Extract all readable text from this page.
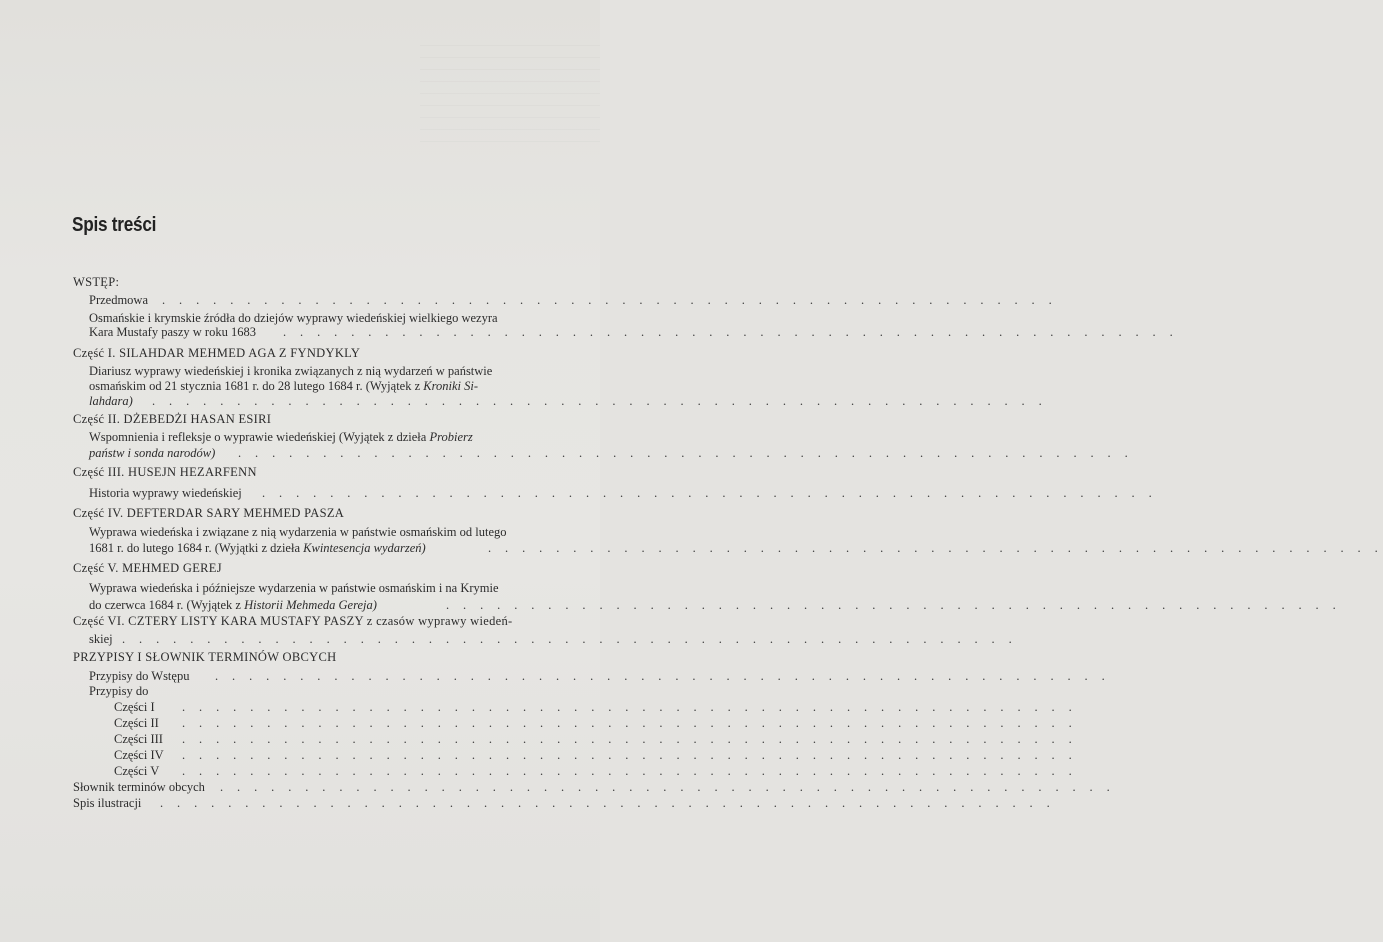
Spis treści
WSTĘP:
Przedmowa . . . . . . . . . . . . . . . . . . . . . . . . . . . . . . . . . . . . . . . . . . . . . . . . . . . . .
Osmańskie i krymskie źródła do dziejów wyprawy wiedeńskiej wielkiego wezyra
Kara Mustafy paszy w roku 1683 . . . . . . . . . . . . . . . . . . . . . . . . . . . . . . . . . . . . . . . . . . . . . . . . . . . . .
Część I. SILAHDAR MEHMED AGA Z FYNDYKLY
Diariusz wyprawy wiedeńskiej i kronika związanych z nią wydarzeń w państwie
osmańskim od 21 stycznia 1681 r. do 28 lutego 1684 r. (Wyjątek z Kroniki Si-
lahdara) . . . . . . . . . . . . . . . . . . . . . . . . . . . . . . . . . . . . . . . . . . . . . . . . . . . . .
Część II. DŻEBEDŻI HASAN ESIRI
Wspomnienia i refleksje o wyprawie wiedeńskiej (Wyjątek z dzieła Probierz
państw i sonda narodów) . . . . . . . . . . . . . . . . . . . . . . . . . . . . . . . . . . . . . . . . . . . . . . . . . . . . .
Część III. HUSEJN HEZARFENN
Historia wyprawy wiedeńskiej . . . . . . . . . . . . . . . . . . . . . . . . . . . . . . . . . . . . . . . . . . . . . . . . . . . . .
Część IV. DEFTERDAR SARY MEHMED PASZA
Wyprawa wiedeńska i związane z nią wydarzenia w państwie osmańskim od lutego
1681 r. do lutego 1684 r. (Wyjątki z dzieła Kwintesencja wydarzeń)	. . . . . . . . . . . . . . . . . . . . . . . . . . . . . . . . . . . . . . . . . . . . . . . . . . . . .
Część V. MEHMED GEREJ
Wyprawa wiedeńska i późniejsze wydarzenia w państwie osmańskim i na Krymie
do czerwca 1684 r. (Wyjątek z Historii Mehmeda Gereja)	. . . . . . . . . . . . . . . . . . . . . . . . . . . . . . . . . . . . . . . . . . . . . . . . . . . . .
Część VI. CZTERY LISTY KARA MUSTAFY PASZY z czasów wyprawy wiedeń-
skiej . . . . . . . . . . . . . . . . . . . . . . . . . . . . . . . . . . . . . . . . . . . . . . . . . . . . .
PRZYPISY I SŁOWNIK TERMINÓW OBCYCH
Przypisy do Wstępu . . . . . . . . . . . . . . . . . . . . . . . . . . . . . . . . . . . . . . . . . . . . . . . . . . . . .
Przypisy do
Części I . . . . . . . . . . . . . . . . . . . . . . . . . . . . . . . . . . . . . . . . . . . . . . . . . . . . .
Części II . . . . . . . . . . . . . . . . . . . . . . . . . . . . . . . . . . . . . . . . . . . . . . . . . . . . .
Części III . . . . . . . . . . . . . . . . . . . . . . . . . . . . . . . . . . . . . . . . . . . . . . . . . . . . .
Części IV . . . . . . . . . . . . . . . . . . . . . . . . . . . . . . . . . . . . . . . . . . . . . . . . . . . . .
Części V . . . . . . . . . . . . . . . . . . . . . . . . . . . . . . . . . . . . . . . . . . . . . . . . . . . . .
Słownik terminów obcych . . . . . . . . . . . . . . . . . . . . . . . . . . . . . . . . . . . . . . . . . . . . . . . . . . . . .
Spis ilustracji . . . . . . . . . . . . . . . . . . . . . . . . . . . . . . . . . . . . . . . . . . . . . . . . . . . . .
